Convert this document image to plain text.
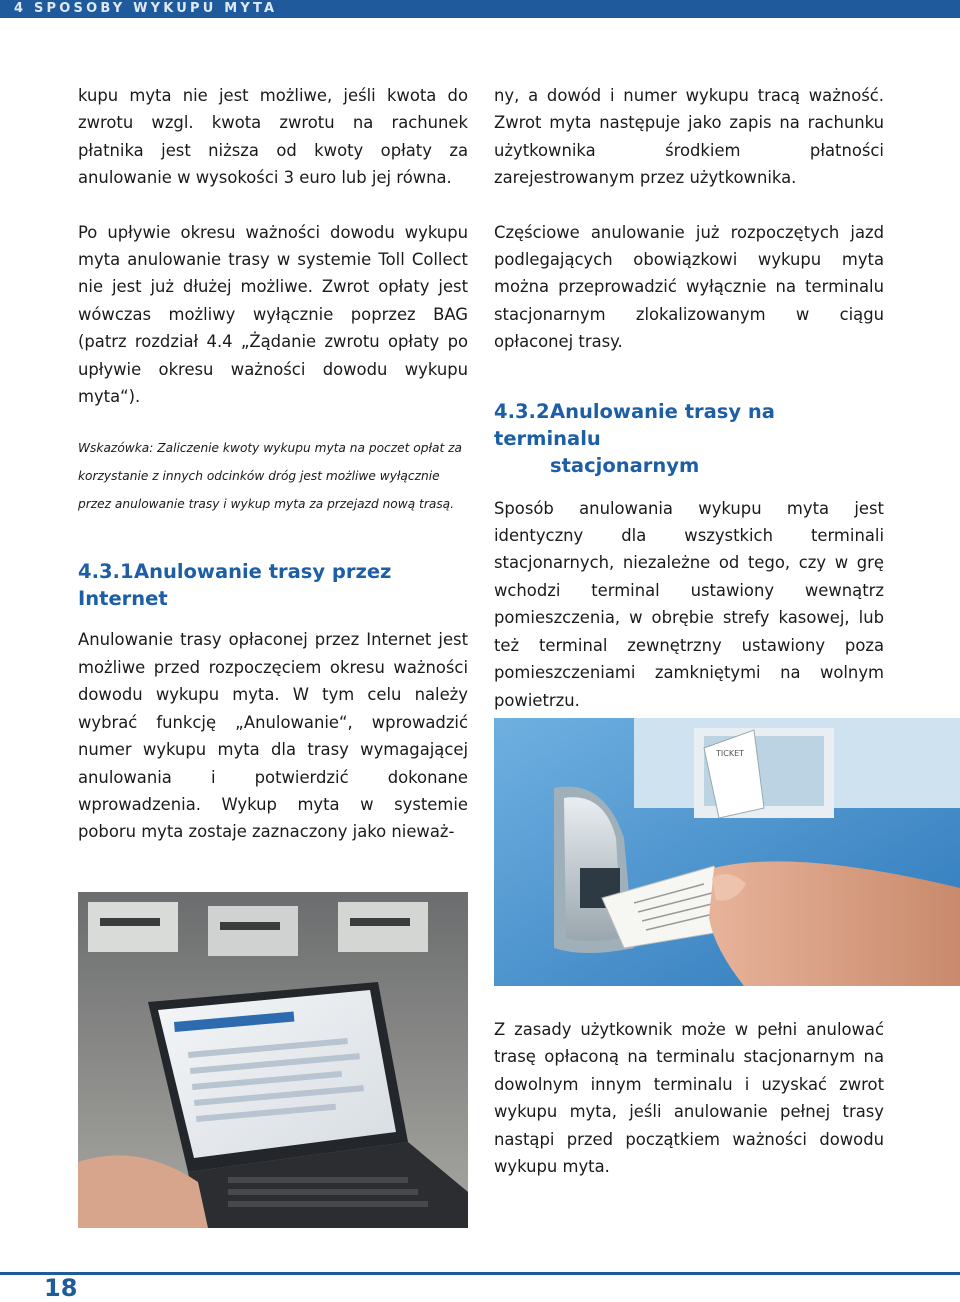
4 SPOSOBY WYKUPU MYTA

kupu myta nie jest możliwe, jeśli kwota do zwrotu wzgl. kwota zwrotu na rachunek płatnika jest niższa od kwoty opłaty za anulowanie w wysokości 3 euro lub jej równa.

Po upływie okresu ważności dowodu wykupu myta anulowanie trasy w systemie Toll Collect nie jest już dłużej możliwe. Zwrot opłaty jest wówczas możliwy wyłącznie poprzez BAG (patrz rozdział 4.4 „Żądanie zwrotu opłaty po upływie okresu ważności dowodu wykupu myta“).

Wskazówka: Zaliczenie kwoty wykupu myta na poczet opłat za korzystanie z innych odcinków dróg jest możliwe wyłącznie przez anulowanie trasy i wykup myta za przejazd nową trasą.

4.3.1Anulowanie trasy przez Internet

Anulowanie trasy opłaconej przez Internet jest możliwe przed rozpoczęciem okresu ważności dowodu wykupu myta. W tym celu należy wybrać funkcję „Anulowanie“, wprowadzić numer wykupu myta dla trasy wymagającej anulowania i potwierdzić dokonane wprowadzenia. Wykup myta w systemie poboru myta zostaje zaznaczony jako nieważ-

ny, a dowód i numer wykupu tracą ważność. Zwrot myta następuje jako zapis na rachunku użytkownika środkiem płatności zarejestrowanym przez użytkownika.

Częściowe anulowanie już rozpoczętych jazd podlegających obowiązkowi wykupu myta można przeprowadzić wyłącznie na terminalu stacjonarnym zlokalizowanym w ciągu opłaconej trasy.

4.3.2Anulowanie trasy na terminalu
stacjonarnym

Sposób anulowania wykupu myta jest identyczny dla wszystkich terminali stacjonarnych, niezależne od tego, czy w grę wchodzi terminal ustawiony wewnątrz pomieszczenia, w obrębie strefy kasowej, lub też terminal zewnętrzny ustawiony poza pomieszczeniami zamkniętymi na wolnym powietrzu.

Z zasady użytkownik może w pełni anulować trasę opłaconą na terminalu stacjonarnym na dowolnym innym terminalu i uzyskać zwrot wykupu myta, jeśli anulowanie pełnej trasy nastąpi przed początkiem ważności dowodu wykupu myta.

TICKET
18
